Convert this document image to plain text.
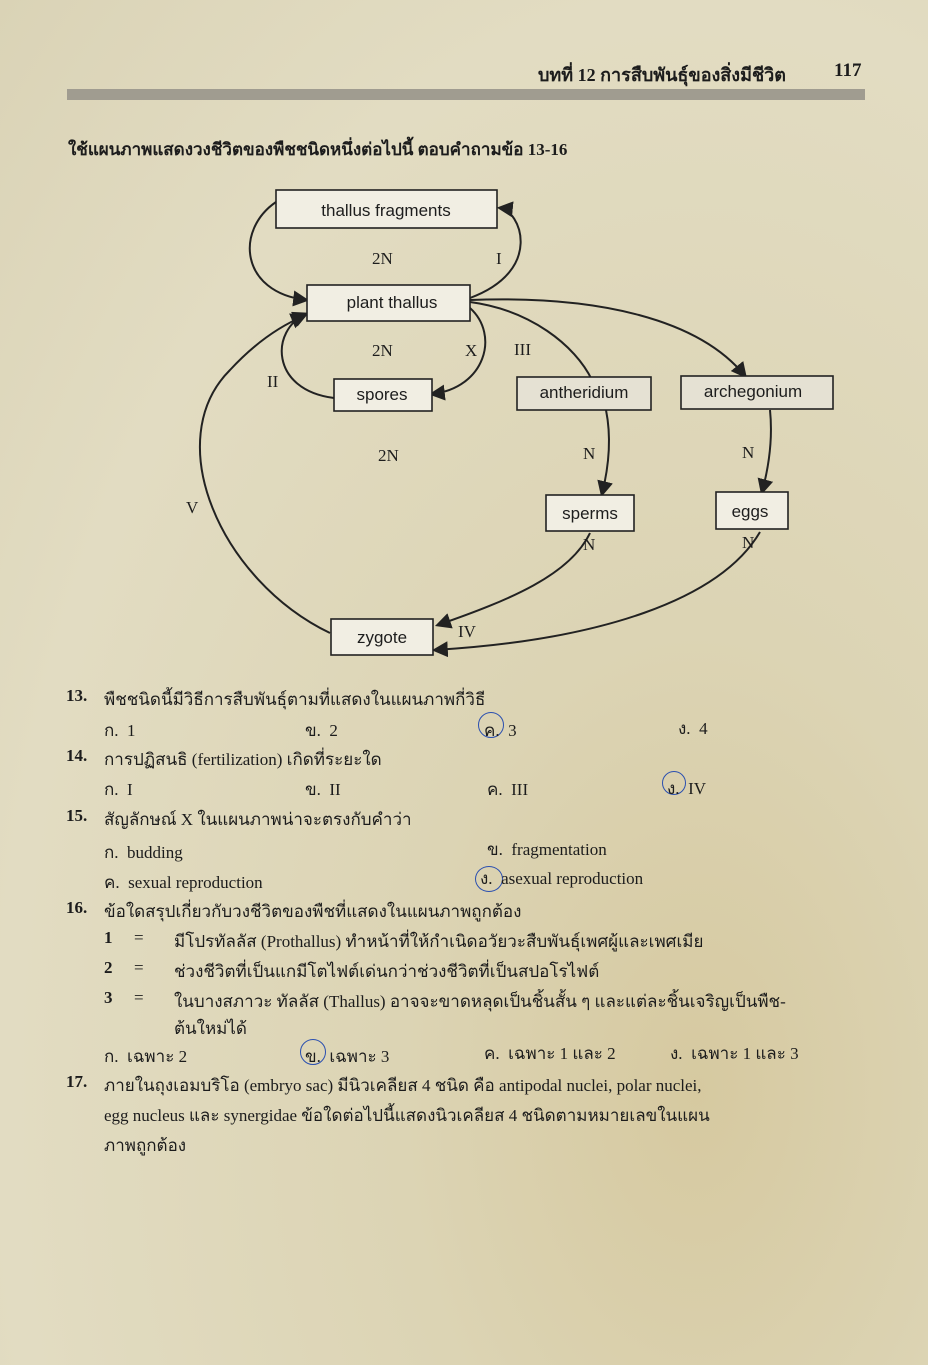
บทที่ 12 การสืบพันธุ์ของสิ่งมีชีวิต	117
ใช้แผนภาพแสดงวงชีวิตของพืชชนิดหนึ่งต่อไปนี้ ตอบคำถามข้อ 13-16
thallus fragments
plant thallus
spores	antheridium	archegonium
sperms	eggs
zygote
2N	I
2N	X III
II
2N	N	N
V
N	N
IV
13. พืชชนิดนี้มีวิธีการสืบพันธุ์ตามที่แสดงในแผนภาพกี่วิธี
ก. 1	ข. 2	ค. 3	ง. 4
14. การปฏิสนธิ (fertilization) เกิดที่ระยะใด
ก. I	ข. II	ค. III	ง. IV
15. สัญลักษณ์ X ในแผนภาพน่าจะตรงกับคำว่า
ก. budding	ข. fragmentation
ค. sexual reproduction	ง. asexual reproduction
16. ข้อใดสรุปเกี่ยวกับวงชีวิตของพืชที่แสดงในแผนภาพถูกต้อง
1 = มีโปรทัลลัส (Prothallus) ทำหน้าที่ให้กำเนิดอวัยวะสืบพันธุ์เพศผู้และเพศเมีย
2 = ช่วงชีวิตที่เป็นแกมีโตไฟต์เด่นกว่าช่วงชีวิตที่เป็นสปอโรไฟต์
3 = ในบางสภาวะ ทัลลัส (Thallus) อาจจะขาดหลุดเป็นชิ้นสั้น ๆ และแต่ละชิ้นเจริญเป็นพืช-
ต้นใหม่ได้
ก. เฉพาะ 2	ข. เฉพาะ 3	ค. เฉพาะ 1 และ 2	ง. เฉพาะ 1 และ 3
17. ภายในถุงเอมบริโอ (embryo sac) มีนิวเคลียส 4 ชนิด คือ antipodal nuclei, polar nuclei,
egg nucleus และ synergidae ข้อใดต่อไปนี้แสดงนิวเคลียส 4 ชนิดตามหมายเลขในแผน
ภาพถูกต้อง
